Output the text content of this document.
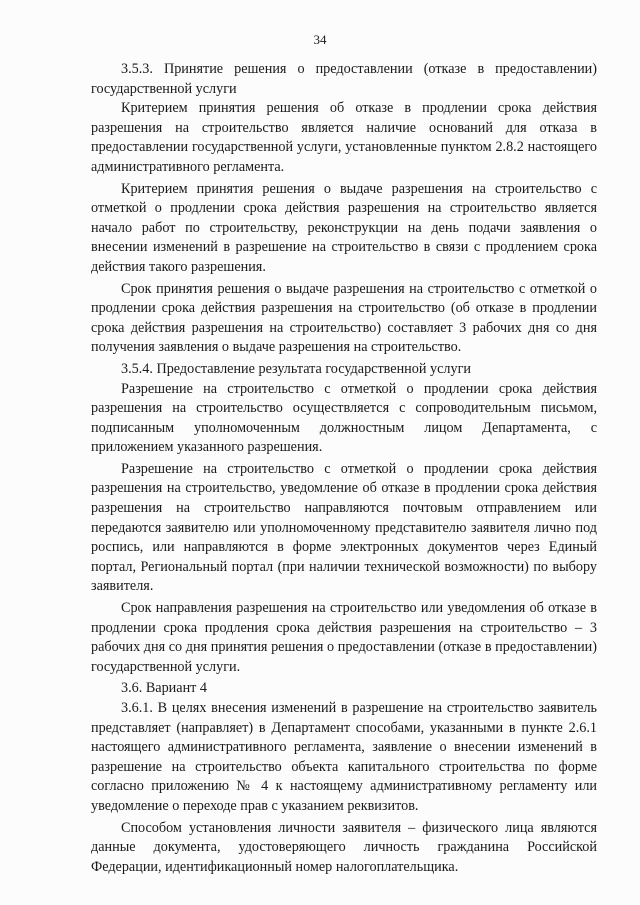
34

3.5.3. Принятие решения о предоставлении (отказе в предоставлении) государственной услуги

Критерием принятия решения об отказе в продлении срока действия разрешения на строительство является наличие оснований для отказа в предоставлении государственной услуги, установленные пунктом 2.8.2 настоящего административного регламента.

Критерием принятия решения о выдаче разрешения на строительство с отметкой о продлении срока действия разрешения на строительство является начало работ по строительству, реконструкции на день подачи заявления о внесении изменений в разрешение на строительство в связи с продлением срока действия такого разрешения.

Срок принятия решения о выдаче разрешения на строительство с отметкой о продлении срока действия разрешения на строительство (об отказе в продлении срока действия разрешения на строительство) составляет 3 рабочих дня со дня получения заявления о выдаче разрешения на строительство.

3.5.4. Предоставление результата государственной услуги

Разрешение на строительство с отметкой о продлении срока действия разрешения на строительство осуществляется с сопроводительным письмом, подписанным уполномоченным должностным лицом Департамента, с приложением указанного разрешения.

Разрешение на строительство с отметкой о продлении срока действия разрешения на строительство, уведомление об отказе в продлении срока действия разрешения на строительство направляются почтовым отправлением или передаются заявителю или уполномоченному представителю заявителя лично под роспись, или направляются в форме электронных документов через Единый портал, Региональный портал (при наличии технической возможности) по выбору заявителя.

Срок направления разрешения на строительство или уведомления об отказе в продлении срока продления срока действия разрешения на строительство – 3 рабочих дня со дня принятия решения о предоставлении (отказе в предоставлении) государственной услуги.

3.6. Вариант 4

3.6.1. В целях внесения изменений в разрешение на строительство заявитель представляет (направляет) в Департамент способами, указанными в пункте 2.6.1 настоящего административного регламента, заявление о внесении изменений в разрешение на строительство объекта капитального строительства по форме согласно приложению № 4 к настоящему административному регламенту или уведомление о переходе прав с указанием реквизитов.

Способом установления личности заявителя – физического лица являются данные документа, удостоверяющего личность гражданина Российской Федерации, идентификационный номер налогоплательщика.
